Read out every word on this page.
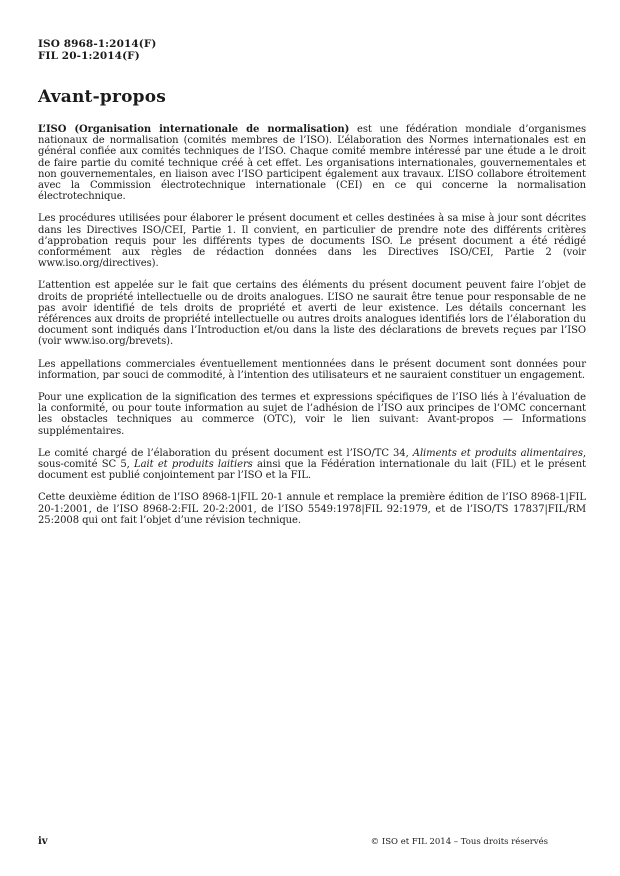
ISO 8968-1:2014(F)
FIL 20-1:2014(F)
Avant-propos

L’ISO (Organisation internationale de normalisation) est une fédération mondiale d’organismes nationaux de normalisation (comités membres de l’ISO). L’élaboration des Normes internationales est en général confiée aux comités techniques de l’ISO. Chaque comité membre intéressé par une étude a le droit de faire partie du comité technique créé à cet effet. Les organisations internationales, gouvernementales et non gouvernementales, en liaison avec l’ISO participent également aux travaux. L’ISO collabore étroitement avec la Commission électrotechnique internationale (CEI) en ce qui concerne la normalisation électrotechnique.

Les procédures utilisées pour élaborer le présent document et celles destinées à sa mise à jour sont décrites dans les Directives ISO/CEI, Partie 1. Il convient, en particulier de prendre note des différents critères d’approbation requis pour les différents types de documents ISO. Le présent document a été rédigé conformément aux règles de rédaction données dans les Directives ISO/CEI, Partie 2 (voir www.iso.org/directives).

L’attention est appelée sur le fait que certains des éléments du présent document peuvent faire l’objet de droits de propriété intellectuelle ou de droits analogues. L’ISO ne saurait être tenue pour responsable de ne pas avoir identifié de tels droits de propriété et averti de leur existence. Les détails concernant les références aux droits de propriété intellectuelle ou autres droits analogues identifiés lors de l’élaboration du document sont indiqués dans l’Introduction et/ou dans la liste des déclarations de brevets reçues par l’ISO (voir www.iso.org/brevets).

Les appellations commerciales éventuellement mentionnées dans le présent document sont données pour information, par souci de commodité, à l’intention des utilisateurs et ne sauraient constituer un engagement.

Pour une explication de la signification des termes et expressions spécifiques de l’ISO liés à l’évaluation de la conformité, ou pour toute information au sujet de l’adhésion de l’ISO aux principes de l’OMC concernant les obstacles techniques au commerce (OTC), voir le lien suivant: Avant-propos — Informations supplémentaires.

Le comité chargé de l’élaboration du présent document est l’ISO/TC 34, Aliments et produits alimentaires, sous-comité SC 5, Lait et produits laitiers ainsi que la Fédération internationale du lait (FIL) et le présent document est publié conjointement par l’ISO et la FIL.

Cette deuxième édition de l’ISO 8968-1|FIL 20-1 annule et remplace la première édition de l’ISO 8968-1|FIL 20-1:2001, de l’ISO 8968-2:FIL 20-2:2001, de l’ISO 5549:1978|FIL 92:1979, et de l’ISO/TS 17837|FIL/RM 25:2008 qui ont fait l’objet d’une révision technique.

iv	© ISO et FIL 2014 – Tous droits réservés
